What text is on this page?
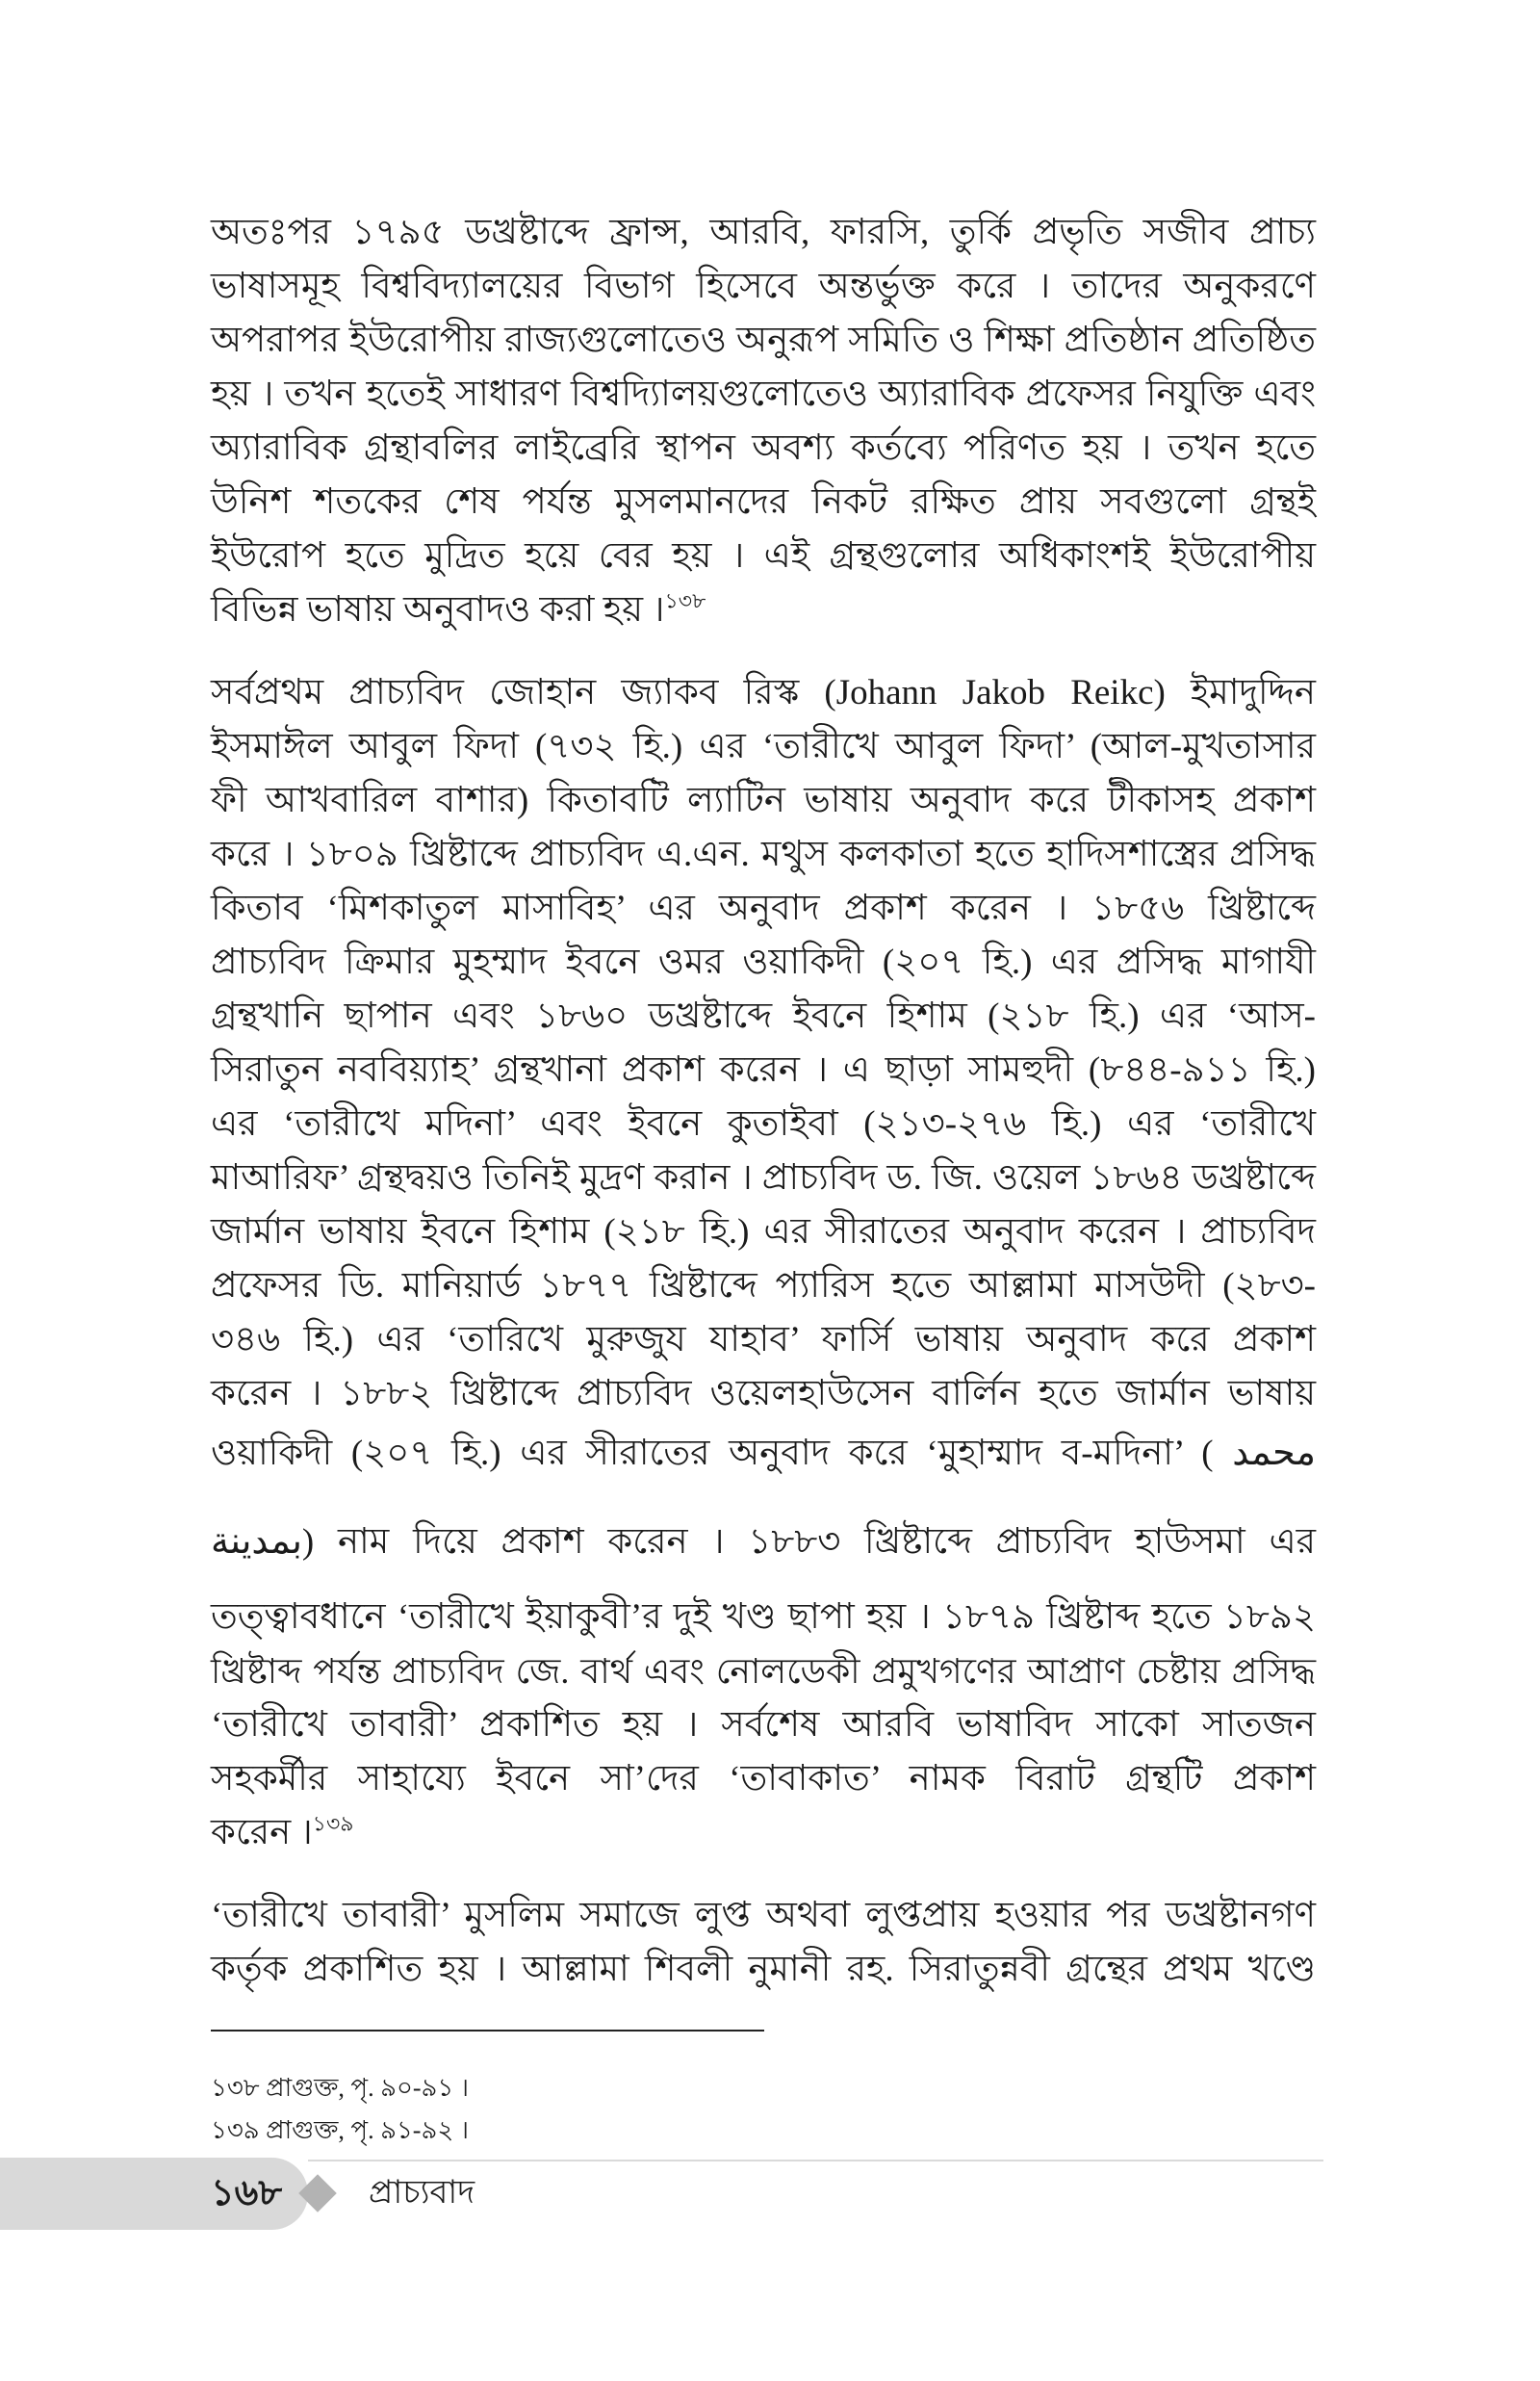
অতঃপর ১৭৯৫ ডখ্রষ্টাব্দে ফ্রান্স, আরবি, ফারসি, তুর্কি প্রভৃতি সজীব প্রাচ্য
ভাষাসমূহ বিশ্ববিদ্যালয়ের বিভাগ হিসেবে অন্তর্ভুক্ত করে । তাদের অনুকরণে
অপরাপর ইউরোপীয় রাজ্যগুলোতেও অনুরূপ সমিতি ও শিক্ষা প্রতিষ্ঠান প্রতিষ্ঠিত
হয় । তখন হতেই সাধারণ বিশ্বদ্যিালয়গুলোতেও অ্যারাবিক প্রফেসর নিযুক্তি এবং
অ্যারাবিক গ্রন্থাবলির লাইব্রেরি স্থাপন অবশ্য কর্তব্যে পরিণত হয় । তখন হতে
উনিশ শতকের শেষ পর্যন্ত মুসলমানদের নিকট রক্ষিত প্রায় সবগুলো গ্রন্থই
ইউরোপ হতে মুদ্রিত হয়ে বের হয় । এই গ্রন্থগুলোর অধিকাংশই ইউরোপীয়
বিভিন্ন ভাষায় অনুবাদও করা হয় ।$^{১৩৮}$
সর্বপ্রথম প্রাচ্যবিদ জোহান জ্যাকব রিস্ক (Johann Jakob Reikc) ইমাদুদ্দিন
ইসমাঈল আবুল ফিদা (৭৩২ হি.) এর ‘তারীখে আবুল ফিদা’ (আল-মুখতাসার
ফী আখবারিল বাশার) কিতাবটি ল্যাটিন ভাষায় অনুবাদ করে টীকাসহ প্রকাশ
করে । ১৮০৯ খ্রিষ্টাব্দে প্রাচ্যবিদ এ.এন. মথুস কলকাতা হতে হাদিসশাস্ত্রের প্রসিদ্ধ
কিতাব ‘মিশকাতুল মাসাবিহ’ এর অনুবাদ প্রকাশ করেন । ১৮৫৬ খ্রিষ্টাব্দে
প্রাচ্যবিদ ক্রিমার মুহম্মাদ ইবনে ওমর ওয়াকিদী (২০৭ হি.) এর প্রসিদ্ধ মাগাযী
গ্রন্থখানি ছাপান এবং ১৮৬০ ডখ্রষ্টাব্দে ইবনে হিশাম (২১৮ হি.) এর ‘আস-
সিরাতুন নববিয়্যাহ’ গ্রন্থখানা প্রকাশ করেন । এ ছাড়া সামহুদী (৮৪৪-৯১১ হি.)
এর ‘তারীখে মদিনা’ এবং ইবনে কুতাইবা (২১৩-২৭৬ হি.) এর ‘তারীখে
মাআরিফ’ গ্রন্থদ্বয়ও তিনিই মুদ্রণ করান । প্রাচ্যবিদ ড. জি. ওয়েল ১৮৬৪ ডখ্রষ্টাব্দে
জার্মান ভাষায় ইবনে হিশাম (২১৮ হি.) এর সীরাতের অনুবাদ করেন । প্রাচ্যবিদ
প্রফেসর ডি. মানিয়ার্ড ১৮৭৭ খ্রিষ্টাব্দে প্যারিস হতে আল্লামা মাসউদী (২৮৩-
৩৪৬ হি.) এর ‘তারিখে মুরুজুয যাহাব’ ফার্সি ভাষায় অনুবাদ করে প্রকাশ
করেন । ১৮৮২ খ্রিষ্টাব্দে প্রাচ্যবিদ ওয়েলহাউসেন বার্লিন হতে জার্মান ভাষায়
ওয়াকিদী (২০৭ হি.) এর সীরাতের অনুবাদ করে ‘মুহাম্মাদ ব-মদিনা’ ( محمد
بمدينة) নাম দিয়ে প্রকাশ করেন । ১৮৮৩ খ্রিষ্টাব্দে প্রাচ্যবিদ হাউসমা এর
তত্ত্বাবধানে ‘তারীখে ইয়াকুবী’র দুই খণ্ড ছাপা হয় । ১৮৭৯ খ্রিষ্টাব্দ হতে ১৮৯২
খ্রিষ্টাব্দ পর্যন্ত প্রাচ্যবিদ জে. বার্থ এবং নোলডেকী প্রমুখগণের আপ্রাণ চেষ্টায় প্রসিদ্ধ
‘তারীখে তাবারী’ প্রকাশিত হয় । সর্বশেষ আরবি ভাষাবিদ সাকো সাতজন
সহকর্মীর সাহায্যে ইবনে সা’দের ‘তাবাকাত’ নামক বিরাট গ্রন্থটি প্রকাশ
করেন ।$^{১৩৯}$
‘তারীখে তাবারী’ মুসলিম সমাজে লুপ্ত অথবা লুপ্তপ্রায় হওয়ার পর ডখ্রষ্টানগণ
কর্তৃক প্রকাশিত হয় । আল্লামা শিবলী নুমানী রহ. সিরাতুন্নবী গ্রন্থের প্রথম খণ্ডে
১৩৮ প্রাগুক্ত, পৃ. ৯০-৯১ ।
১৩৯ প্রাগুক্ত, পৃ. ৯১-৯২ ।
১৬৮	প্রাচ্যবাদ
